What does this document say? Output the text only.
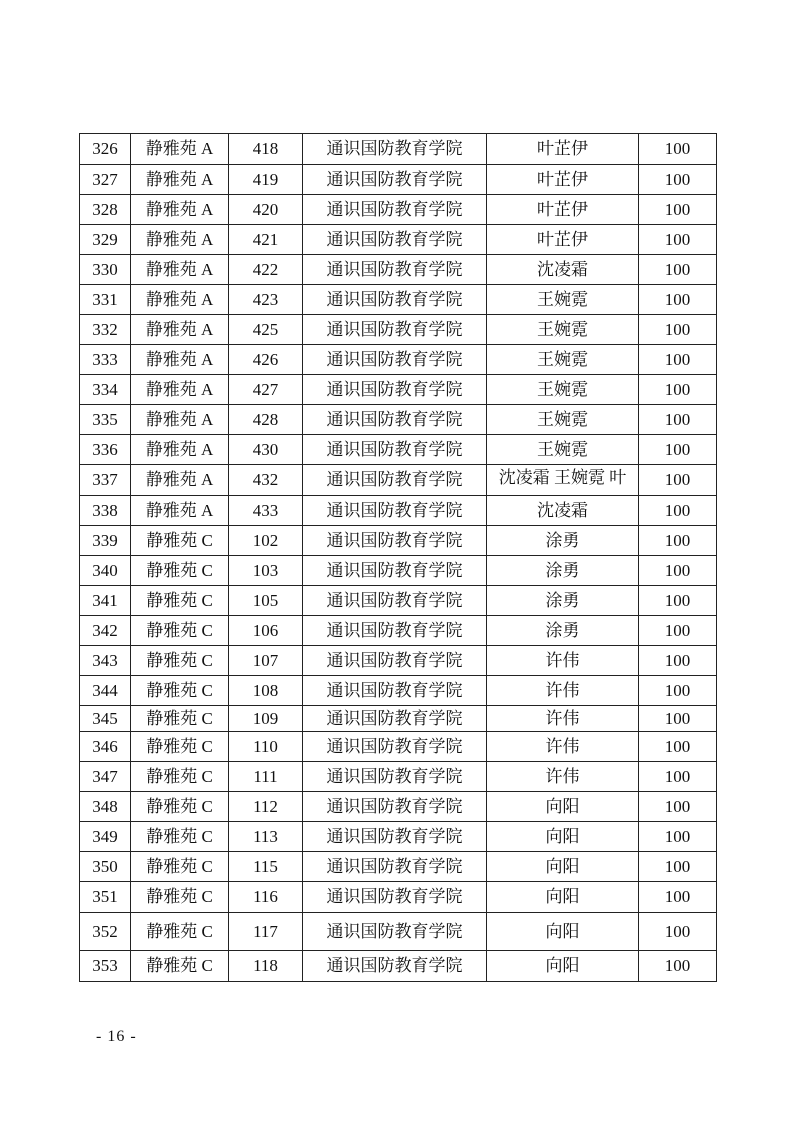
326	静雅苑 A	418	通识国防教育学院	叶芷伊	100
327	静雅苑 A	419	通识国防教育学院	叶芷伊	100
328	静雅苑 A	420	通识国防教育学院	叶芷伊	100
329	静雅苑 A	421	通识国防教育学院	叶芷伊	100
330	静雅苑 A	422	通识国防教育学院	沈凌霜	100
331	静雅苑 A	423	通识国防教育学院	王婉霓	100
332	静雅苑 A	425	通识国防教育学院	王婉霓	100
333	静雅苑 A	426	通识国防教育学院	王婉霓	100
334	静雅苑 A	427	通识国防教育学院	王婉霓	100
335	静雅苑 A	428	通识国防教育学院	王婉霓	100
336	静雅苑 A	430	通识国防教育学院	王婉霓	100
337	静雅苑 A	432	通识国防教育学院	沈凌霜 王婉霓 叶	100
338	静雅苑 A	433	通识国防教育学院	沈凌霜	100
339	静雅苑 C	102	通识国防教育学院	涂勇	100
340	静雅苑 C	103	通识国防教育学院	涂勇	100
341	静雅苑 C	105	通识国防教育学院	涂勇	100
342	静雅苑 C	106	通识国防教育学院	涂勇	100
343	静雅苑 C	107	通识国防教育学院	许伟	100
344	静雅苑 C	108	通识国防教育学院	许伟	100
345	静雅苑 C	109	通识国防教育学院	许伟	100
346	静雅苑 C	110	通识国防教育学院	许伟	100
347	静雅苑 C	111	通识国防教育学院	许伟	100
348	静雅苑 C	112	通识国防教育学院	向阳	100
349	静雅苑 C	113	通识国防教育学院	向阳	100
350	静雅苑 C	115	通识国防教育学院	向阳	100
351	静雅苑 C	116	通识国防教育学院	向阳	100
352	静雅苑 C	117	通识国防教育学院	向阳	100
353	静雅苑 C	118	通识国防教育学院	向阳	100
- 16 -
